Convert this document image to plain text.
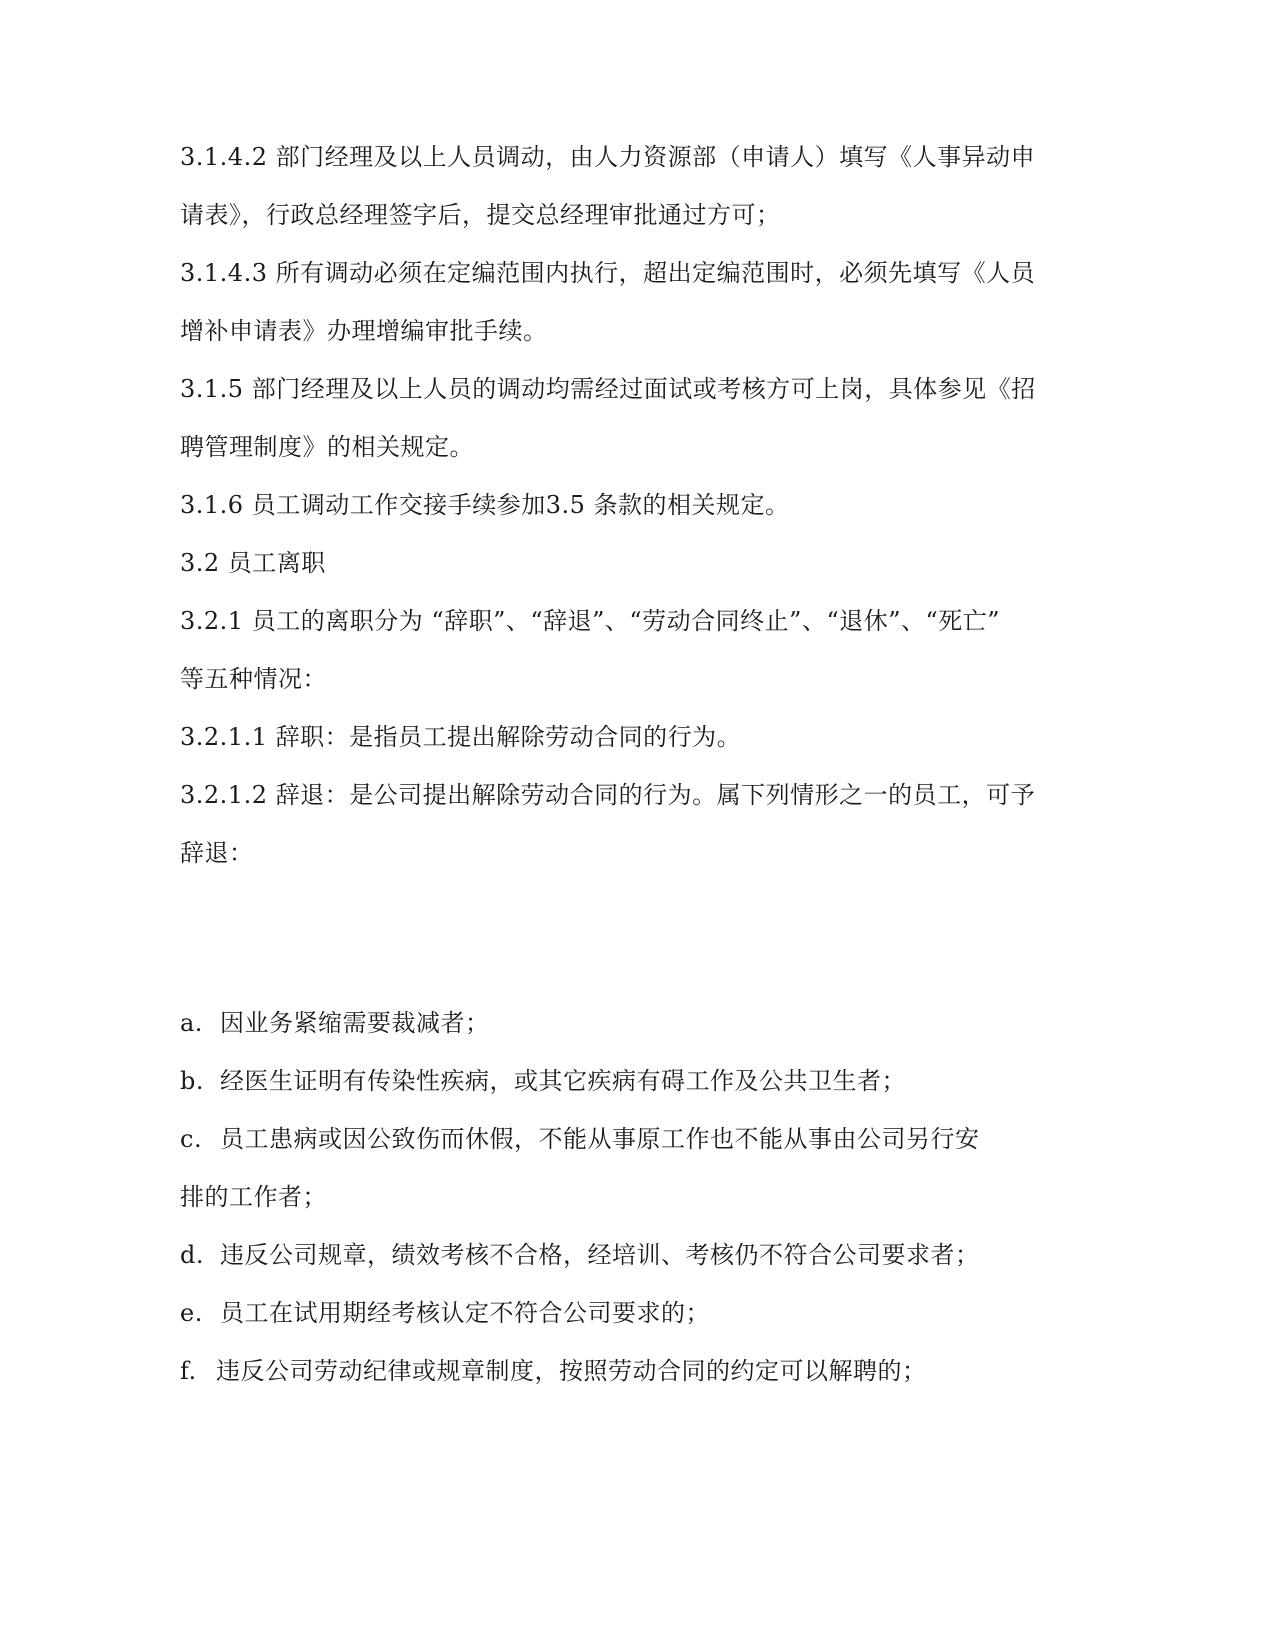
3.1.4.2 部门经理及以上人员调动，由人力资源部（申请人）填写《人事异动申
请表》，行政总经理签字后，提交总经理审批通过方可；
3.1.4.3 所有调动必须在定编范围内执行，超出定编范围时，必须先填写《人员
增补申请表》办理增编审批手续。
3.1.5 部门经理及以上人员的调动均需经过面试或考核方可上岗，具体参见《招
聘管理制度》的相关规定。
3.1.6 员工调动工作交接手续参加3.5 条款的相关规定。
3.2 员工离职
3.2.1 员工的离职分为 “辞职”、“辞退”、“劳动合同终止”、“退休”、“死亡”
等五种情况：
3.2.1.1 辞职：是指员工提出解除劳动合同的行为。
3.2.1.2 辞退：是公司提出解除劳动合同的行为。属下列情形之一的员工，可予
辞退：
a. 因业务紧缩需要裁减者；
b. 经医生证明有传染性疾病，或其它疾病有碍工作及公共卫生者；
c. 员工患病或因公致伤而休假，不能从事原工作也不能从事由公司另行安
排的工作者；
d. 违反公司规章，绩效考核不合格，经培训、考核仍不符合公司要求者；
e. 员工在试用期经考核认定不符合公司要求的；
f. 违反公司劳动纪律或规章制度，按照劳动合同的约定可以解聘的；
